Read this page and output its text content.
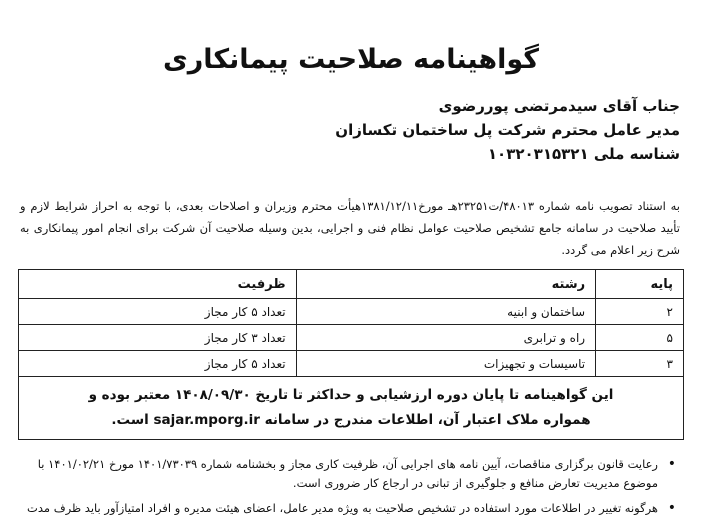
گواهینامه صلاحیت پیمانکاری
جناب آقای سیدمرتضی پوررضوی
مدیر عامل محترم شرکت پل ساختمان تکسازان
شناسه ملی ۱۰۳۲۰۳۱۵۳۲۱
به استناد تصویب نامه شماره ۴۸۰۱۳/ت۲۳۲۵۱هـ مورخ۱۳۸۱/۱۲/۱۱هیأت محترم وزیران و اصلاحات بعدی، با توجه به احراز شرایط لازم و تأیید صلاحیت در سامانه جامع تشخیص صلاحیت عوامل نظام فنی و اجرایی، بدین وسیله صلاحیت آن شرکت برای انجام امور پیمانکاری به شرح زیر اعلام می گردد.
پایه	رشته	ظرفیت
۲	ساختمان و ابنیه	تعداد ۵ کار مجاز
۵	راه و ترابری	تعداد ۳ کار مجاز
۳	تاسیسات و تجهیزات	تعداد ۵ کار مجاز

این گواهینامه تا پایان دوره ارزشیابی و حداکثر تا تاریخ ۱۴۰۸/۰۹/۳۰ معتبر بوده و
همواره ملاک اعتبار آن، اطلاعات مندرج در سامانه sajar.mporg.ir است.		
•
رعایت قانون برگزاری مناقصات، آیین نامه های اجرایی آن، ظرفیت کاری مجاز و بخشنامه شماره ۱۴۰۱/۷۳۰۳۹ مورخ ۱۴۰۱/۰۲/۲۱ با موضوع مدیریت تعارض منافع و جلوگیری از تبانی در ارجاع کار ضروری است.
•
هرگونه تغییر در اطلاعات مورد استفاده در تشخیص صلاحیت به ویژه مدیر عامل، اعضای هیئت مدیره و افراد امتیازآور باید ظرف مدت
